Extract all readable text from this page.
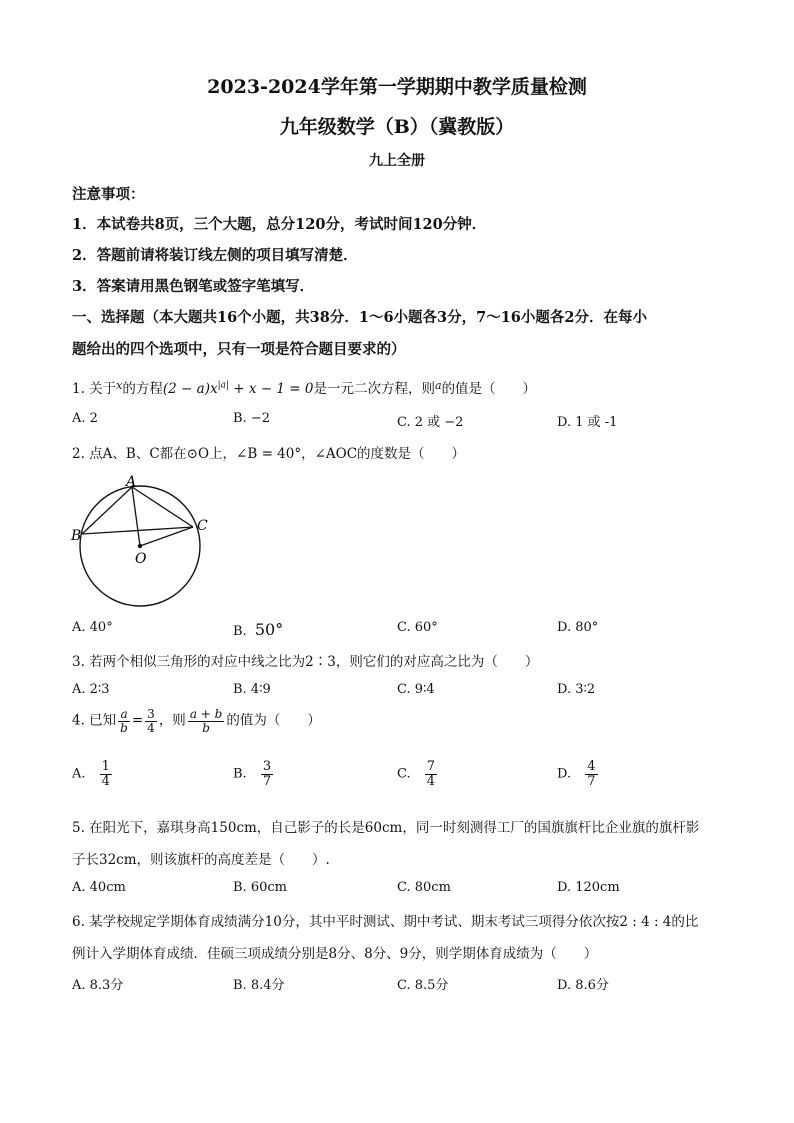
2023-2024学年第一学期期中教学质量检测
九年级数学（B）（冀教版）
九上全册
注意事项：
1．本试卷共8页，三个大题，总分120分，考试时间120分钟．
2．答题前请将装订线左侧的项目填写清楚．
3．答案请用黑色钢笔或签字笔填写．
一、选择题（本大题共16个小题，共38分．1～6小题各3分，7～16小题各2分．在每小
题给出的四个选项中，只有一项是符合题目要求的）
1. 关于$^x$的方程$(2 - a)x^{|a|} + x - 1 = 0$是一元二次方程，则$^a$的值是（　　）
A. 2	B. −2	C. 2 或 −2	D. 1 或 -1
2. 点A、B、C都在⊙O上，∠B = 40°，∠AOC的度数是（　　）
A
B
C
O
A. 40°	B. 50°	C. 60°	D. 80°
3. 若两个相似三角形的对应中线之比为2∶3，则它们的对应高之比为（　　）
A. 2∶3	B. 4∶9	C. 9∶4	D. 3∶2
4. 已知 $\frac{a}{b} = \frac{3}{4}$ ，则 $\frac{a + b}{b}$ 的值为（　　）
A. $\frac{1}{4}$	B. $\frac{3}{7}$	C. $\frac{7}{4}$	D. $\frac{4}{7}$
5. 在阳光下，嘉琪身高150cm，自己影子的长是60cm，同一时刻测得工厂的国旗旗杆比企业旗的旗杆影
子长32cm，则该旗杆的高度差是（　　）.
A. 40cm	B. 60cm	C. 80cm	D. 120cm
6. 某学校规定学期体育成绩满分10分，其中平时测试、期中考试、期末考试三项得分依次按2 : 4 : 4的比
例计入学期体育成绩．佳硕三项成绩分别是8分、8分、9分，则学期体育成绩为（　　）
A. 8.3分	B. 8.4分	C. 8.5分	D. 8.6分
